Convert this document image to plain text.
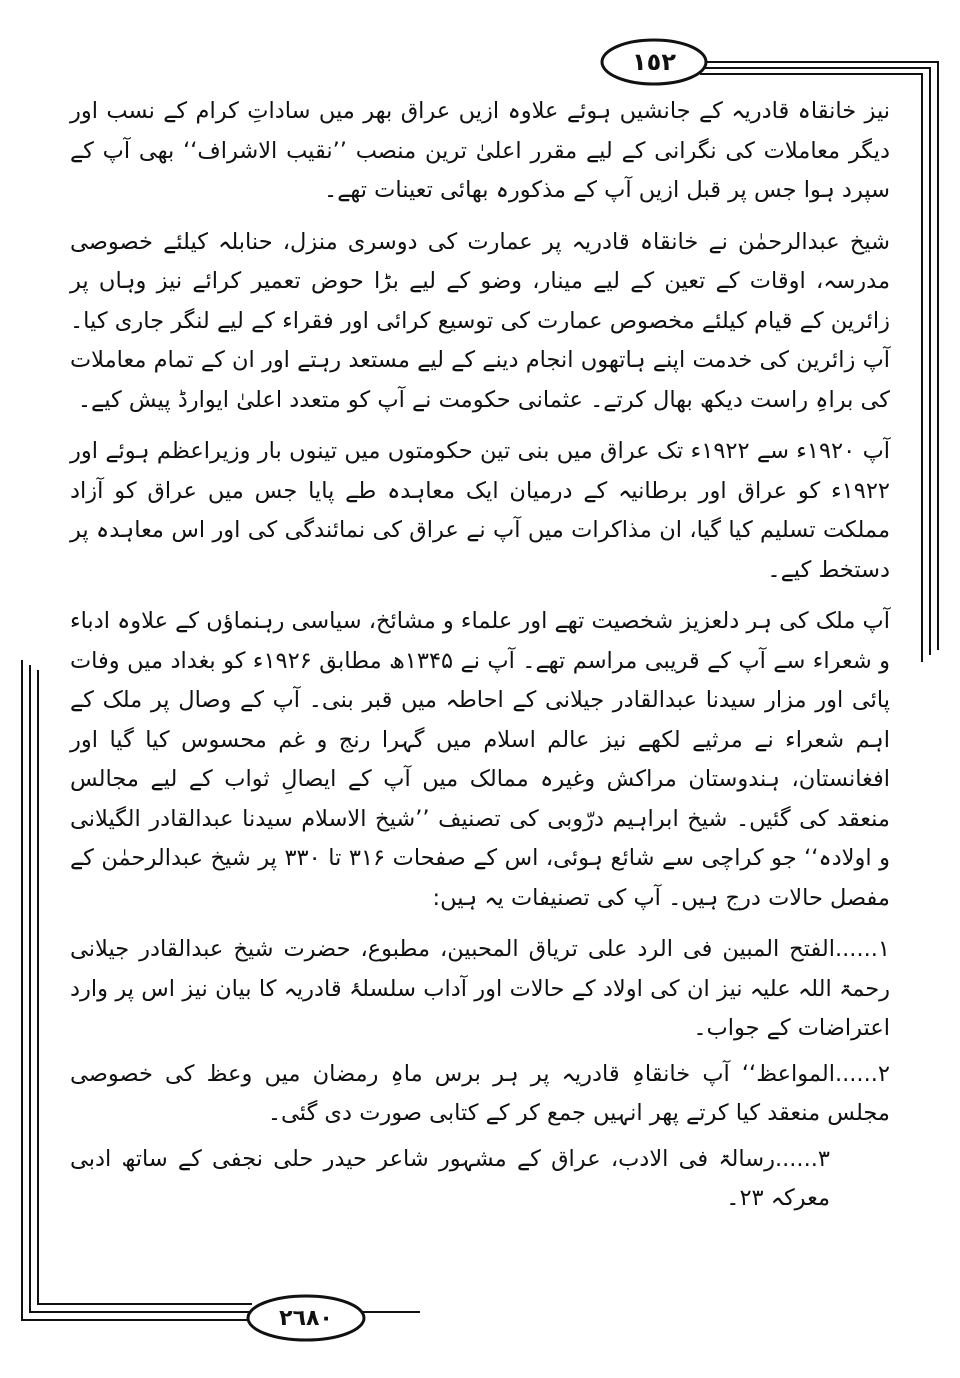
١٥٢
٢٦٨٠

نیز خانقاہ قادریہ کے جانشیں ہوئے علاوہ ازیں عراق بھر میں ساداتِ کرام کے نسب اور دیگر معاملات کی نگرانی کے لیے مقرر اعلیٰ ترین منصب ’’نقیب الاشراف‘‘ بھی آپ کے سپرد ہوا جس پر قبل ازیں آپ کے مذکورہ بھائی تعینات تھے۔

شیخ عبدالرحمٰن نے خانقاہ قادریہ پر عمارت کی دوسری منزل، حنابلہ کیلئے خصوصی مدرسہ، اوقات کے تعین کے لیے مینار، وضو کے لیے بڑا حوض تعمیر کرائے نیز وہاں پر زائرین کے قیام کیلئے مخصوص عمارت کی توسیع کرائی اور فقراء کے لیے لنگر جاری کیا۔ آپ زائرین کی خدمت اپنے ہاتھوں انجام دینے کے لیے مستعد رہتے اور ان کے تمام معاملات کی براہِ راست دیکھ بھال کرتے۔ عثمانی حکومت نے آپ کو متعدد اعلیٰ ایوارڈ پیش کیے۔

آپ ۱۹۲۰ء سے ۱۹۲۲ء تک عراق میں بنی تین حکومتوں میں تینوں بار وزیراعظم ہوئے اور ۱۹۲۲ء کو عراق اور برطانیہ کے درمیان ایک معاہدہ طے پایا جس میں عراق کو آزاد مملکت تسلیم کیا گیا، ان مذاکرات میں آپ نے عراق کی نمائندگی کی اور اس معاہدہ پر دستخط کیے۔

آپ ملک کی ہر دلعزیز شخصیت تھے اور علماء و مشائخ، سیاسی رہنماؤں کے علاوہ ادباء و شعراء سے آپ کے قریبی مراسم تھے۔ آپ نے ۱۳۴۵ھ مطابق ۱۹۲۶ء کو بغداد میں وفات پائی اور مزار سیدنا عبدالقادر جیلانی کے احاطہ میں قبر بنی۔ آپ کے وصال پر ملک کے اہم شعراء نے مرثیے لکھے نیز عالم اسلام میں گہرا رنج و غم محسوس کیا گیا اور افغانستان، ہندوستان مراکش وغیرہ ممالک میں آپ کے ایصالِ ثواب کے لیے مجالس منعقد کی گئیں۔ شیخ ابراہیم درّوبی کی تصنیف ’’شیخ الاسلام سیدنا عبدالقادر الگیلانی و اولادہ‘‘ جو کراچی سے شائع ہوئی، اس کے صفحات ۳۱۶ تا ۳۳۰ پر شیخ عبدالرحمٰن کے مفصل حالات درج ہیں۔ آپ کی تصنیفات یہ ہیں:

۱......الفتح المبین فی الرد علی تریاق المحبین، مطبوع، حضرت شیخ عبدالقادر جیلانی رحمۃ اللہ علیہ نیز ان کی اولاد کے حالات اور آداب سلسلۂ قادریہ کا بیان نیز اس پر وارد اعتراضات کے جواب۔

۲......المواعظ‘‘ آپ خانقاہِ قادریہ پر ہر برس ماہِ رمضان میں وعظ کی خصوصی مجلس منعقد کیا کرتے پھر انہیں جمع کر کے کتابی صورت دی گئی۔

۳......رسالۃ فی الادب، عراق کے مشہور شاعر حیدر حلی نجفی کے ساتھ ادبی معرکہ ۲۳۔
